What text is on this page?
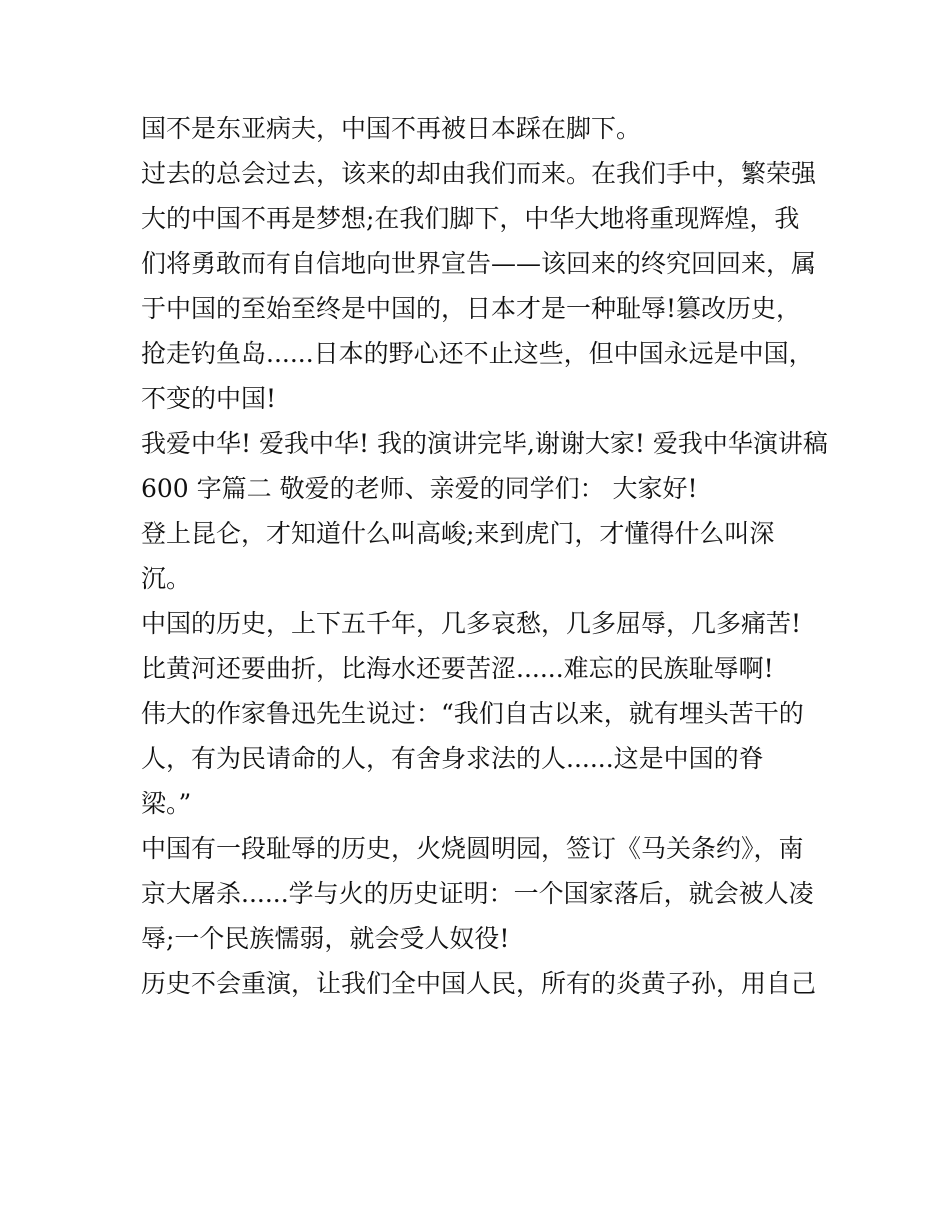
国不是东亚病夫，中国不再被日本踩在脚下。
过去的总会过去，该来的却由我们而来。在我们手中，繁荣强
大的中国不再是梦想;在我们脚下，中华大地将重现辉煌，我
们将勇敢而有自信地向世界宣告——该回来的终究回回来，属
于中国的至始至终是中国的，日本才是一种耻辱!篡改历史，
抢走钓鱼岛......日本的野心还不止这些，但中国永远是中国，
不变的中国!
我爱中华! 爱我中华! 我的演讲完毕,谢谢大家! 爱我中华演讲稿
600 字篇二 敬爱的老师、亲爱的同学们： 大家好!
登上昆仑，才知道什么叫高峻;来到虎门，才懂得什么叫深
沉。
中国的历史，上下五千年，几多哀愁，几多屈辱，几多痛苦!
比黄河还要曲折，比海水还要苦涩......难忘的民族耻辱啊!
伟大的作家鲁迅先生说过：“我们自古以来，就有埋头苦干的
人，有为民请命的人，有舍身求法的人......这是中国的脊
梁。”
中国有一段耻辱的历史，火烧圆明园，签订《马关条约》，南
京大屠杀......学与火的历史证明：一个国家落后，就会被人凌
辱;一个民族懦弱，就会受人奴役!
历史不会重演，让我们全中国人民，所有的炎黄子孙，用自己
